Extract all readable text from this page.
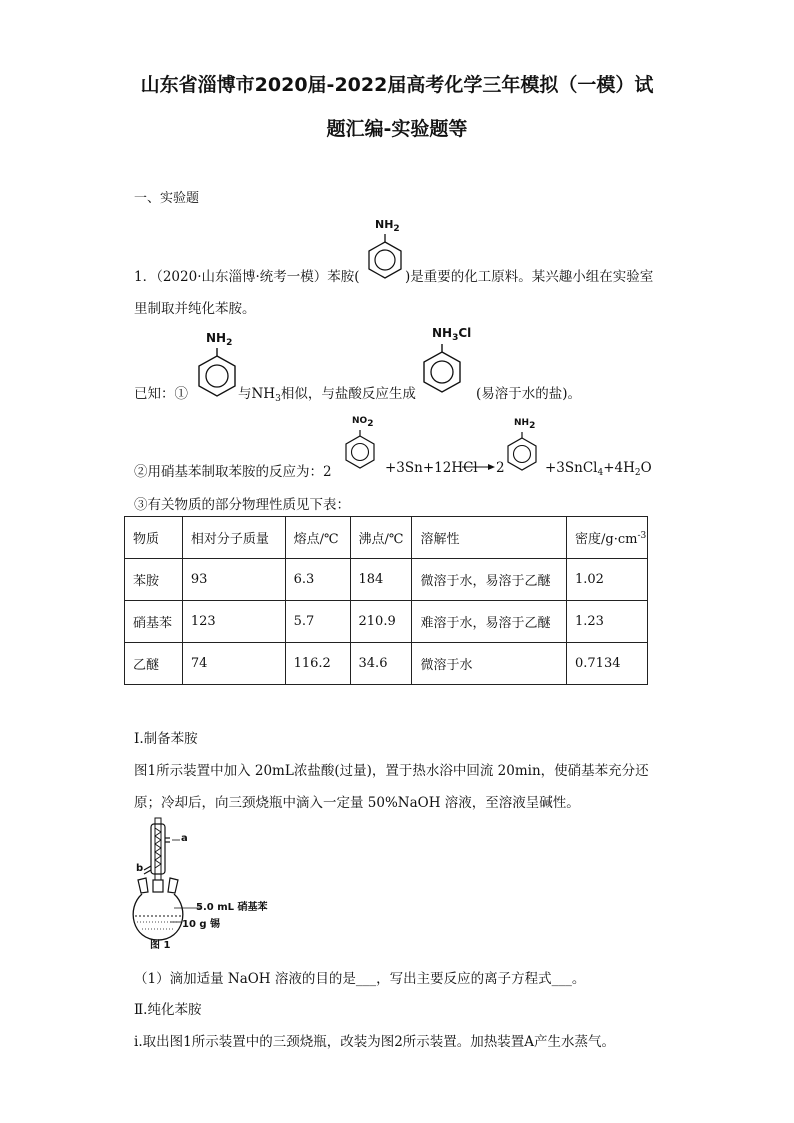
山东省淄博市2020届-2022届高考化学三年模拟（一模）试
题汇编-实验题等
一、实验题
1．（2020·山东淄博·统考一模）苯胺(
$NH_2$
)是重要的化工原料。某兴趣小组在实验室
里制取并纯化苯胺。
$NH_2$
已知：①	与$NH_3$相似，与盐酸反应生成
$NH_3Cl$
(易溶于水的盐)。
$NO_2$
②用硝基苯制取苯胺的反应为：2	+3Sn+12HCl → 2
$NH_2$
$+3SnCl_4+4H_2O$
③有关物质的部分物理性质见下表：
物质	相对分子质量	熔点/℃	沸点/℃	溶解性	密度$/g\cdot cm^{-3}$
苯胺	93	6.3	184	微溶于水，易溶于乙醚	1.02
硝基苯	123	5.7	210.9	难溶于水，易溶于乙醚	1.23
乙醚	74	116.2	34.6	微溶于水	0.7134
Ⅰ.制备苯胺
图1所示装置中加入 20mL浓盐酸(过量)，置于热水浴中回流 20min，使硝基苯充分还
原；冷却后，向三颈烧瓶中滴入一定量 50%NaOH 溶液，至溶液呈碱性。
a
b
5.0 mL 硝基苯
10 g 锡
图 1
（1）滴加适量 NaOH 溶液的目的是___，写出主要反应的离子方程式___。
Ⅱ.纯化苯胺
ⅰ.取出图1所示装置中的三颈烧瓶，改装为图2所示装置。加热装置A产生水蒸气。
